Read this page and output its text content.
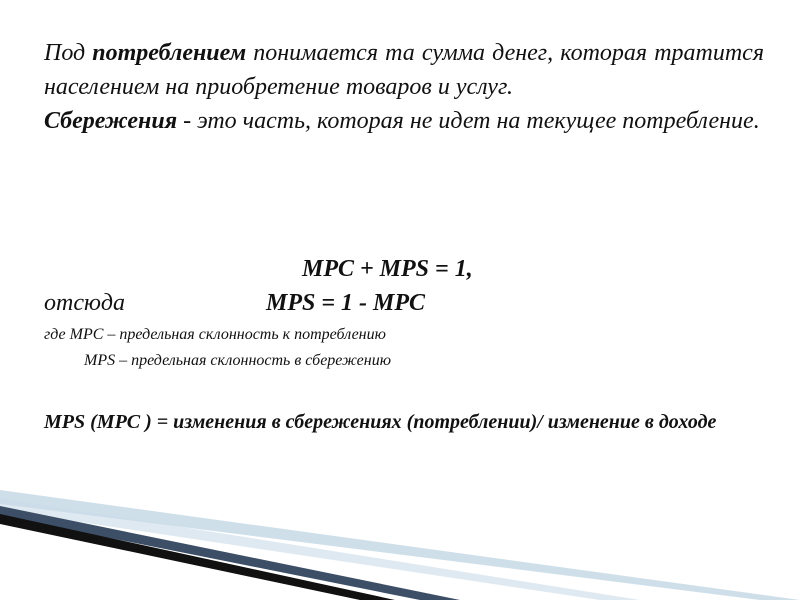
Под потреблением понимается та сумма денег, которая тратится населением на приобретение товаров и услуг.

Сбережения - это часть, которая не идет на текущее потребление.

MPC + MPS = 1,
отсюда	MPS = 1 - MPC
где MPC – предельная склонность к потреблению
MPS – предельная склонность в сбережению
MPS (MPC ) = изменения в сбережениях (потреблении)/ изменение в доходе
